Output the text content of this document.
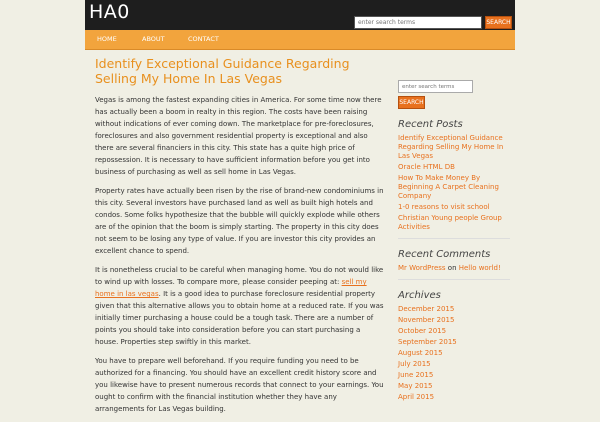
HA0
enter search terms	SEARCH
HOME	ABOUT	CONTACT
Identify Exceptional Guidance Regarding Selling My Home In Las Vegas

Vegas is among the fastest expanding cities in America. For some time now there has actually been a boom in realty in this region. The costs have been raising without indications of ever coming down. The marketplace for pre-foreclosures, foreclosures and also government residential property is exceptional and also there are several financiers in this city. This state has a quite high price of repossession. It is necessary to have sufficient information before you get into business of purchasing as well as sell home in Las Vegas.

Property rates have actually been risen by the rise of brand-new condominiums in this city. Several investors have purchased land as well as built high hotels and condos. Some folks hypothesize that the bubble will quickly explode while others are of the opinion that the boom is simply starting. The property in this city does not seem to be losing any type of value. If you are investor this city provides an excellent chance to spend.

It is nonetheless crucial to be careful when managing home. You do not would like to wind up with losses. To compare more, please consider peeping at: sell my home in las vegas. It is a good idea to purchase foreclosure residential property given that this alternative allows you to obtain home at a reduced rate. If you was initially timer purchasing a house could be a tough task. There are a number of points you should take into consideration before you can start purchasing a house. Properties step swiftly in this market.

You have to prepare well beforehand. If you require funding you need to be authorized for a financing. You should have an excellent credit history score and you likewise have to present numerous records that connect to your earnings. You ought to confirm with the financial institution whether they have any arrangements for Las Vegas building.

enter search terms
SEARCH
Recent Posts
Identify Exceptional Guidance Regarding Selling My Home In Las Vegas
Oracle HTML DB
How To Make Money By Beginning A Carpet Cleaning Company
1-0 reasons to visit school
Christian Young people Group Activities
Recent Comments
Mr WordPress on Hello world!
Archives
December 2015
November 2015
October 2015
September 2015
August 2015
July 2015
June 2015
May 2015
April 2015
